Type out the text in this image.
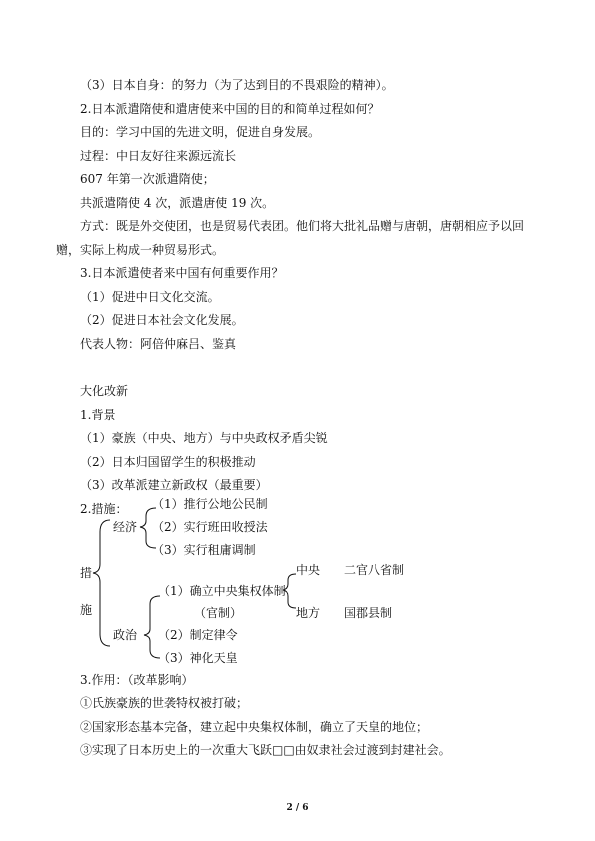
（3）日本自身：的努力（为了达到目的不畏艰险的精神）。
2.日本派遣隋使和遣唐使来中国的目的和简单过程如何？
目的：学习中国的先进文明，促进自身发展。
过程：中日友好往来源远流长
607 年第一次派遣隋使；
共派遣隋使 4 次，派遣唐使 19 次。
方式：既是外交使团，也是贸易代表团。他们将大批礼品赠与唐朝，唐朝相应予以回
赠，实际上构成一种贸易形式。
3.日本派遣使者来中国有何重要作用？
（1）促进中日文化交流。
（2）促进日本社会文化发展。
代表人物：阿倍仲麻吕、鉴真
大化改新
1.背景
（1）豪族（中央、地方）与中央政权矛盾尖锐
（2）日本归国留学生的积极推动
（3）改革派建立新政权（最重要）
2.措施：
措
施
经济
（1）推行公地公民制
（2）实行班田收授法
（3）实行租庸调制
政治
（1）确立中央集权体制
（官制）
（2）制定律令
（3）神化天皇
中央 二官八省制
地方 国郡县制
3.作用：（改革影响）
①氏族豪族的世袭特权被打破；
②国家形态基本完备，建立起中央集权体制，确立了天皇的地位；
③实现了日本历史上的一次重大飞跃□□由奴隶社会过渡到封建社会。
2 / 6
